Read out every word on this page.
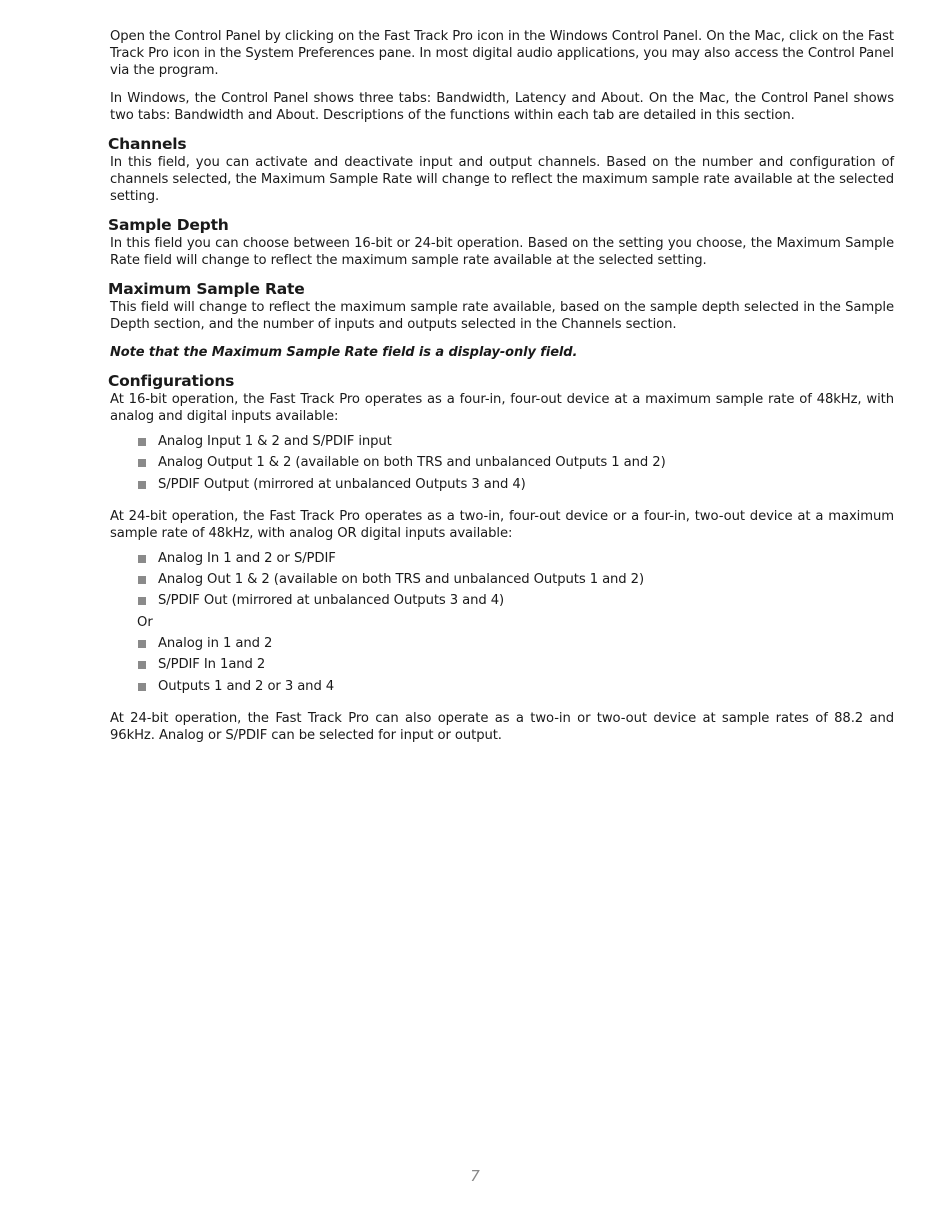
Open the Control Panel by clicking on the Fast Track Pro icon in the Windows Control Panel. On the Mac, click on the Fast Track Pro icon in the System Preferences pane. In most digital audio applications, you may also access the Control Panel via the program.

In Windows, the Control Panel shows three tabs: Bandwidth, Latency and About. On the Mac, the Control Panel shows two tabs: Bandwidth and About. Descriptions of the functions within each tab are detailed in this section.

Channels

In this field, you can activate and deactivate input and output channels. Based on the number and configuration of channels selected, the Maximum Sample Rate will change to reflect the maximum sample rate available at the selected setting.

Sample Depth

In this field you can choose between 16-bit or 24-bit operation. Based on the setting you choose, the Maximum Sample Rate field will change to reflect the maximum sample rate available at the selected setting.

Maximum Sample Rate

This field will change to reflect the maximum sample rate available, based on the sample depth selected in the Sample Depth section, and the number of inputs and outputs selected in the Channels section.

Note that the Maximum Sample Rate field is a display-only field.

Configurations

At 16-bit operation, the Fast Track Pro operates as a four-in, four-out device at a maximum sample rate of 48kHz, with analog and digital inputs available:

Analog Input 1 & 2 and S/PDIF input
Analog Output 1 & 2 (available on both TRS and unbalanced Outputs 1 and 2)
S/PDIF Output (mirrored at unbalanced Outputs 3 and 4)

At 24-bit operation, the Fast Track Pro operates as a two-in, four-out device or a four-in, two-out device at a maximum sample rate of 48kHz, with analog OR digital inputs available:

Analog In 1 and 2 or S/PDIF
Analog Out 1 & 2 (available on both TRS and unbalanced Outputs 1 and 2)
S/PDIF Out (mirrored at unbalanced Outputs 3 and 4)
Or
Analog in 1 and 2
S/PDIF In 1and 2
Outputs 1 and 2 or 3 and 4

At 24-bit operation, the Fast Track Pro can also operate as a two-in or two-out device at sample rates of 88.2 and 96kHz. Analog or S/PDIF can be selected for input or output.

7
